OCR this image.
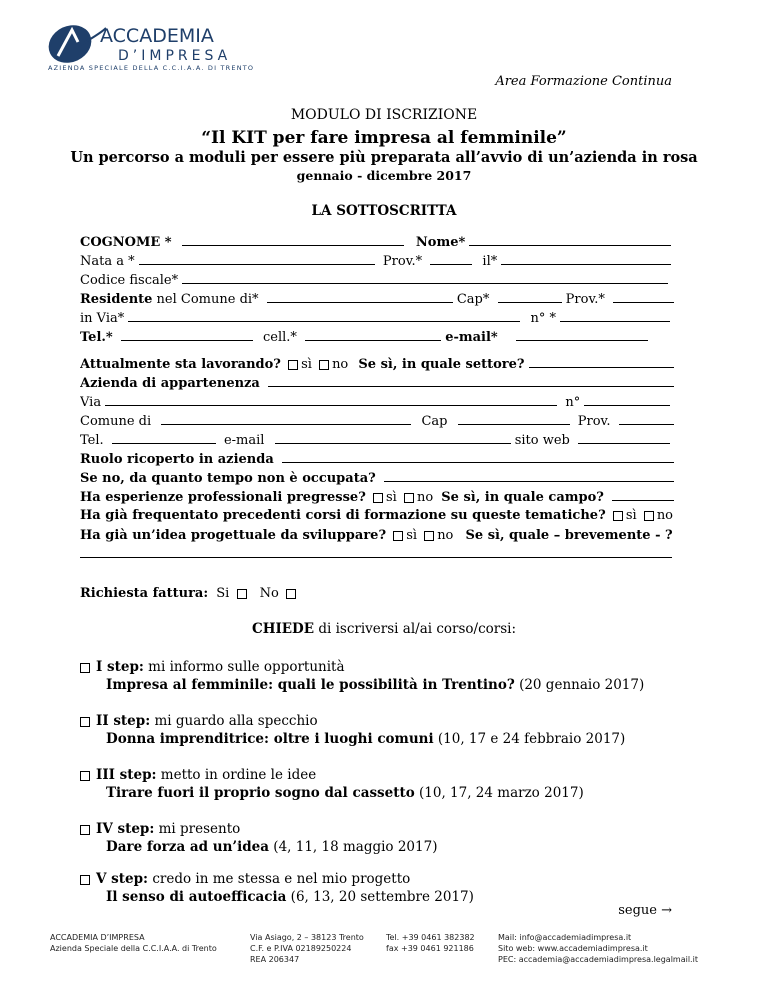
ACCADEMIA
D’IMPRESA
AZIENDA SPECIALE DELLA C.C.I.A.A. DI TRENTO
Area Formazione Continua
MODULO DI ISCRIZIONE
“Il KIT per fare impresa al femminile”
Un percorso a moduli per essere più preparata all’avvio di un’azienda in rosa
gennaio - dicembre 2017
LA SOTTOSCRITTA
COGNOME *	Nome*
Nata a *	Prov.*	il*
Codice fiscale*
Residente nel Comune di*	Cap*	Prov.*
in Via*	n° *
Tel.*	cell.*	e-mail*
Attualmente sta lavorando? sì no Se sì, in quale settore?
Azienda di appartenenza
Via	n°
Comune di	Cap	Prov.
Tel.	e-mail	sito web
Ruolo ricoperto in azienda
Se no, da quanto tempo non è occupata?
Ha esperienze professionali pregresse? sì no Se sì, in quale campo?
Ha già frequentato precedenti corsi di formazione su queste tematiche? sì no
Ha già un’idea progettuale da sviluppare? sì no Se sì, quale – brevemente - ?
Richiesta fattura: Si No
CHIEDE di iscriversi al/ai corso/corsi:
I step: mi informo sulle opportunità
Impresa al femminile: quali le possibilità in Trentino? (20 gennaio 2017)
II step: mi guardo alla specchio
Donna imprenditrice: oltre i luoghi comuni (10, 17 e 24 febbraio 2017)
III step: metto in ordine le idee
Tirare fuori il proprio sogno dal cassetto (10, 17, 24 marzo 2017)
IV step: mi presento
Dare forza ad un’idea (4, 11, 18 maggio 2017)
V step: credo in me stessa e nel mio progetto
Il senso di autoefficacia (6, 13, 20 settembre 2017)
segue →
ACCADEMIA D’IMPRESA
Azienda Speciale della C.C.I.A.A. di Trento
Via Asiago, 2 – 38123 Trento
C.F. e P.IVA 02189250224
REA 206347
Tel. +39 0461 382382
fax +39 0461 921186
Mail: info@accademiadimpresa.it
Sito web: www.accademiadimpresa.it
PEC: accademia@accademiadimpresa.legalmail.it
